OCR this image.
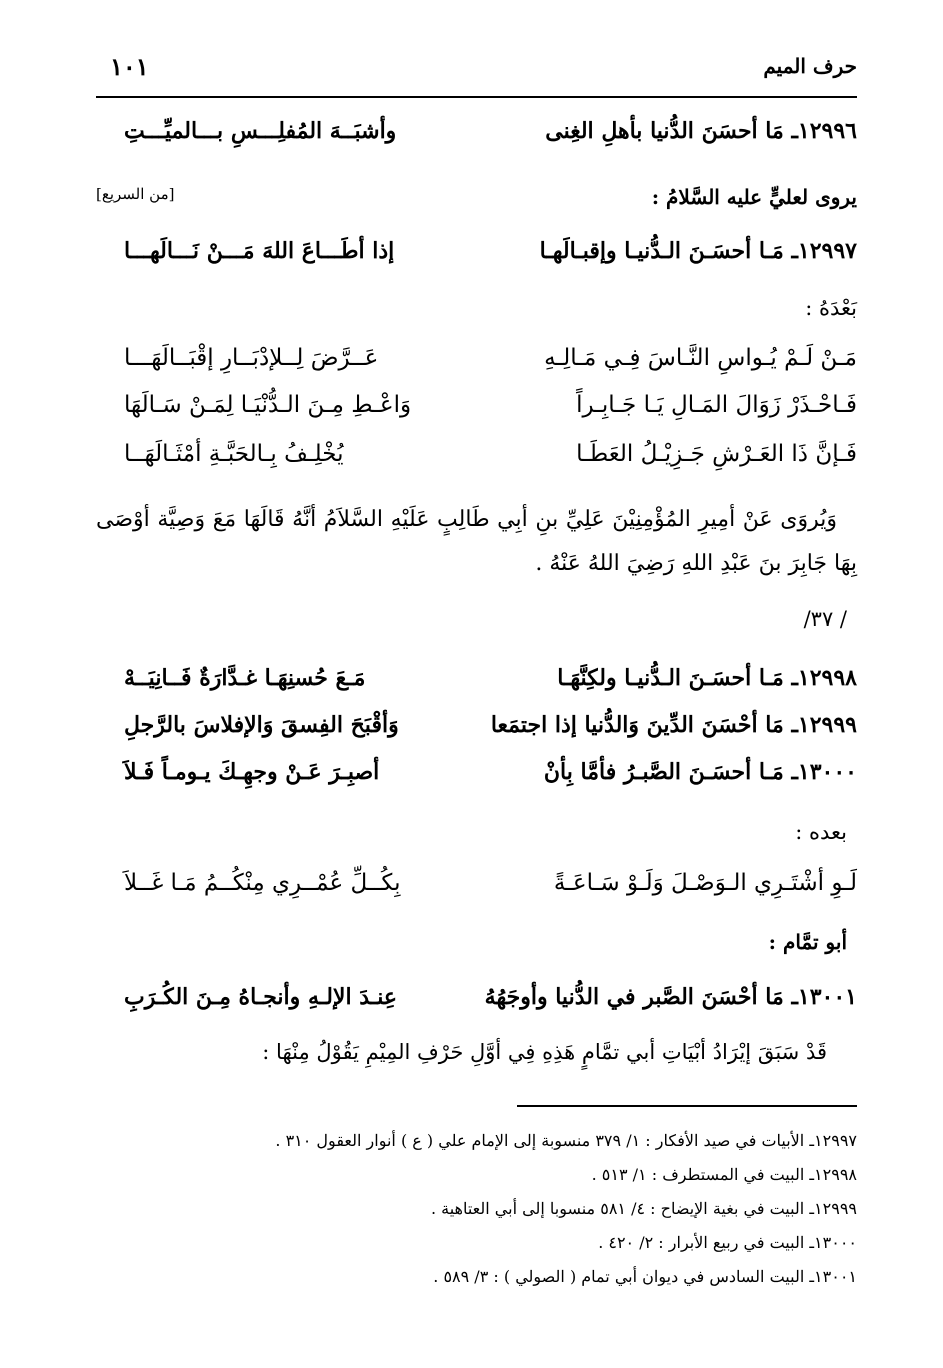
حرف الميم
١٠١
١٢٩٩٦ـ مَا أحسَنَ الدُّنيا بأهلِ الغِنى
وأشبَــهَ المُفلِـــسِ بـــالميِّـــتِ
يروى لعليٍّ عليه السَّلامُ :
[من السريع]
١٢٩٩٧ـ مَـا أحسَـنَ الـدُّنيـا وإقبـالَهـا
إذا أطَـــاعَ اللهَ مَـــنْ نَـــالَهـــا
بَعْدَهُ :
مَـنْ لَـمْ يُـواسِ النَّـاسَ فِـي مَـالِـهِ
عَــرَّضَ لِــلإدْبَــارِ إقْبَــالَهَـــا
فَـاحْـذَرْ زَوَالَ المَـالِ يَـا جَـابِـراً
وَاعْـطِ مِـنَ الـدُّنْيَـا لِمَـنْ سَـالَهَا
فَـإنَّ ذَا العَـرْشِ جَـزِيْـلُ العَطَـا
يُخْلِـفُ بِـالحَبَّـةِ أمْثَـالَهَــا
وَيُروَى عَنْ أمِيرِ المُؤْمِنِيْنَ عَلِيِّ بنِ أبِي طَالِبٍ عَلَيْهِ السَّلاَمُ أنَّهُ قَالَهَا مَعَ وَصِيَّة أوْصَى بِهَا جَابِرَ بنَ عَبْدِ اللهِ رَضِيَ اللهُ عَنْهُ .
/ ٣٧/
١٢٩٩٨ـ مَـا أحسَـنَ الـدُّنيـا ولكِنَّهَـا
مَـعَ حُسنِهَـا غـدَّارَةٌ فَــانِيَــهْ
١٢٩٩٩ـ مَا أحْسَنَ الدِّينَ وَالدُّنيا إذا اجتمَعا
وَأقْبَحَ الفِسقَ وَالإفلاسَ بالرَّجلِ
١٣٠٠٠ـ مَـا أحسَـنَ الصَّبـرُ فأمَّا بِأنْ
أصبِـرَ عَـنْ وجهِـكَ يـومـاً فَـلاَ
بعده :
لَـوِ أشْتَـرِي الـوَصْـلَ وَلَـوْ سَـاعَـةً
بِكُــلِّ عُمْــرِي مِنْكُــمُ مَـا غَــلاَ
أبو تمَّام :
١٣٠٠١ـ مَا أحْسَنَ الصَّبر في الدُّنيا وأوجَهُهُ
عِنـدَ الإلـهِ وأنجـاهُ مِـنَ الكُـرَبِ
قَدْ سَبَقَ إيْرَادُ أبْيَاتِ أبي تمَّامٍ هَذِهِ فِي أوَّلِ حَرْفِ المِيْمِ يَقُوْلُ مِنْهَا :
١٢٩٩٧ـ الأبيات في صيد الأفكار : ١/ ٣٧٩ منسوبة إلى الإمام علي ( ع ) أنوار العقول ٣١٠ .
١٢٩٩٨ـ البيت في المستطرف : ١/ ٥١٣ .
١٢٩٩٩ـ البيت في بغية الإيضاح : ٤/ ٥٨١ منسوبا إلى أبي العتاهية .
١٣٠٠٠ـ البيت في ربيع الأبرار : ٢/ ٤٢٠ .
١٣٠٠١ـ البيت السادس في ديوان أبي تمام ( الصولي ) : ٣/ ٥٨٩ .
